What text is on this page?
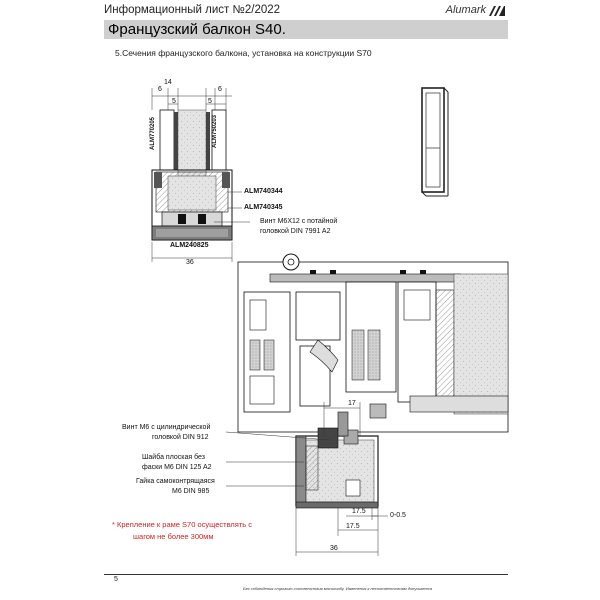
Информационный лист №2/2022	Alumark
Французский балкон S40.
5.Сечения французского балкона, установка на конструкции S70
14
6
5	5
6
ALM770205	ALM750203
ALM740344
ALM740345
Винт M6X12 с потайной
головкой DIN 7991 A2
ALM240825
36
17
Винт M6 с цилиндрической
головкой DIN 912
Шайба плоская без
фаски M6 DIN 125 A2
Гайка самоконтрящаяся
M6 DIN 985
0-0.5
17.5
17.5
36
* Крепление к раме S70 осуществлять с
шагом не более 300мм
5
Без соблюдения строгого соответствия масштабу. Изменения к несоответствиям допускается
